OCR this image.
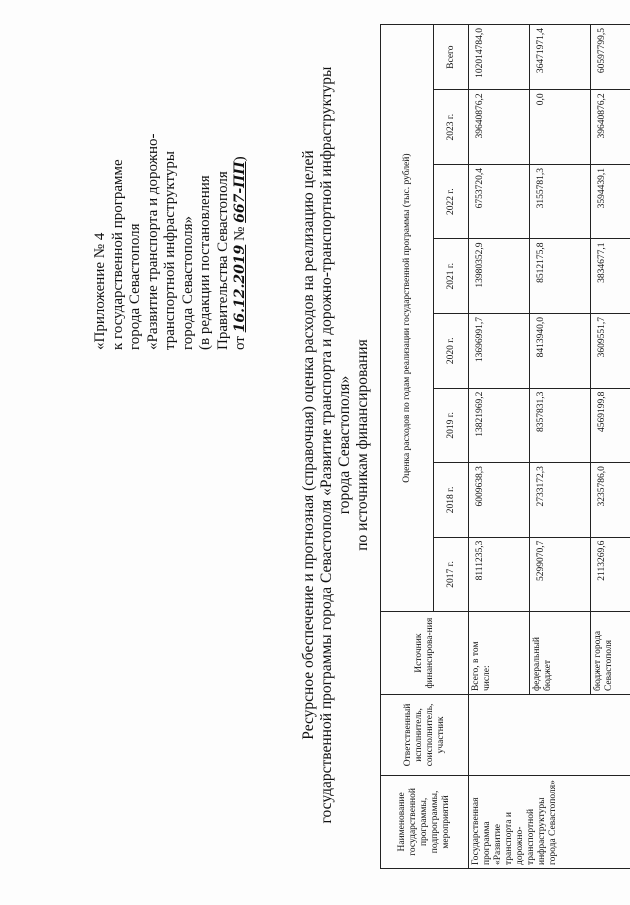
«Приложение № 4 к государственной программе города Севастополя «Развитие транспорта и дорожно- транспортной инфраструктуры города Севастополя» (в редакции постановления Правительства Севастополя от 16.12.2019 № 667-ПП)	Ресурсное обеспечение и прогнозная (справочная) оценка расходов на реализацию целей государственной программы города Севастополя «Развитие транспорта и дорожно-транспортной инфраструктуры города Севастополя» по источникам финансирования
Наименование государственной программы, подпрограммы, мероприятий	Ответственный исполнитель, соисполнитель, участник	Источник финансирова-ния	Оценка расходов по годам реализации государственной программы (тыс. рублей)							
			2017 г.	2018 г.	2019 г.	2020 г.	2021 г.	2022 г.	2023 г.	Всего
Государственная программа «Развитие транспорта и дорожно-транспортной инфраструктуры города Севастополя»		Всего, в том числе:	8111235,3	6009638,3	13821969,2	13696991,7	13980352,9	6753720,4	39640876,2	102014784,0
		федеральный бюджет	5299070,7	2733172,3	8357831,3	8413940,0	8512175,8	3155781,3	0,0	36471971,4
		бюджет города Севастополя	2113269,6	3235786,0	4569199,8	3609551,7	3834677,1	3594439,1	39640876,2	60597799,5
